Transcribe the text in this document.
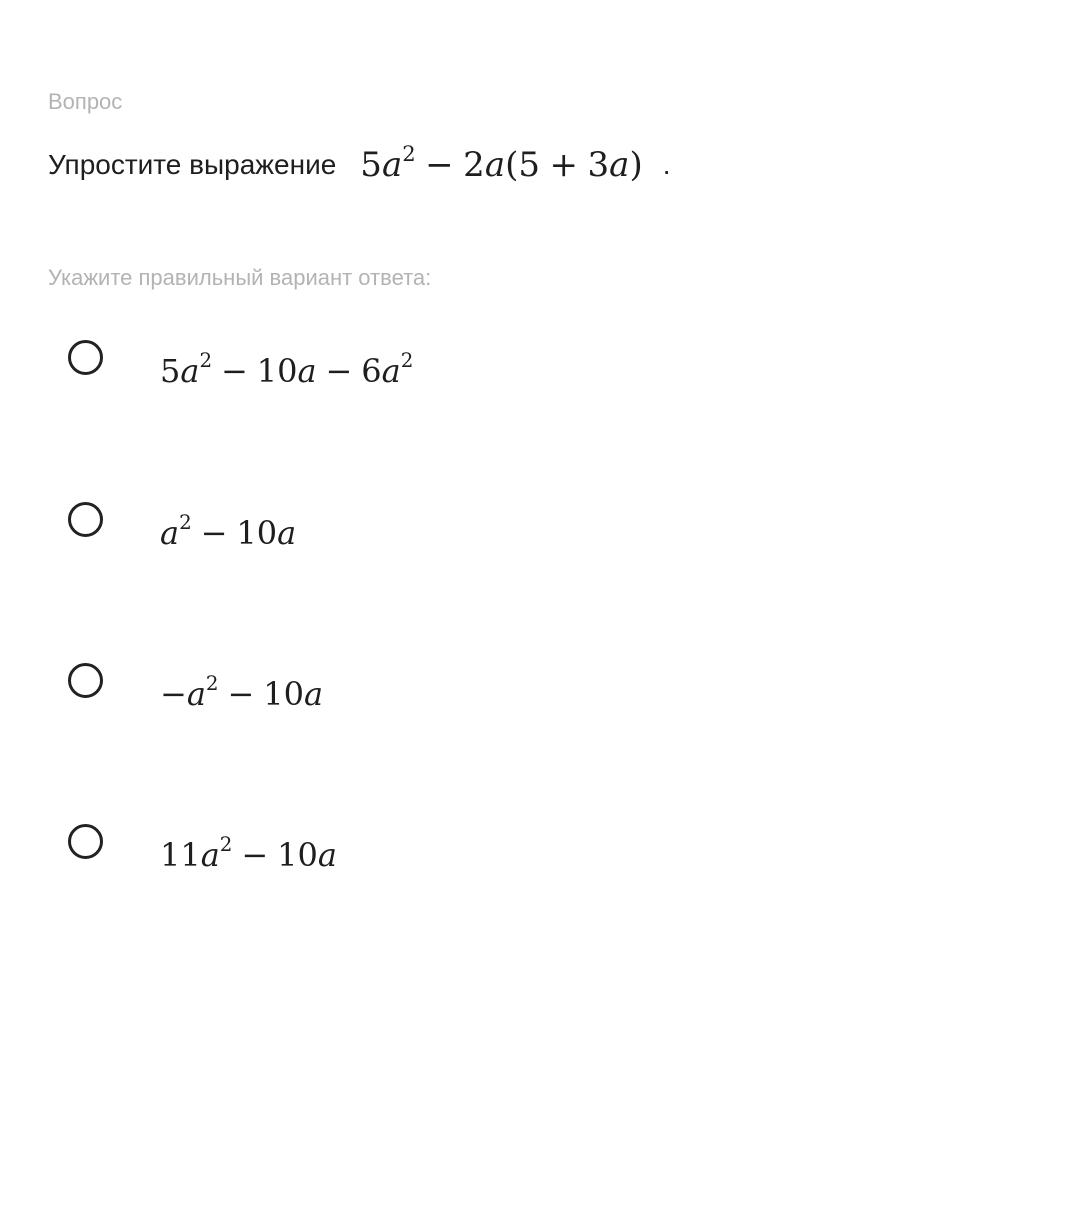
Вопрос
Упростите выражение $5a^2 - 2a(5 + 3a)$ .
Укажите правильный вариант ответа:
$5a^2 - 10a - 6a^2$
$a^2 - 10a$
$-a^2 - 10a$
$11a^2 - 10a$
